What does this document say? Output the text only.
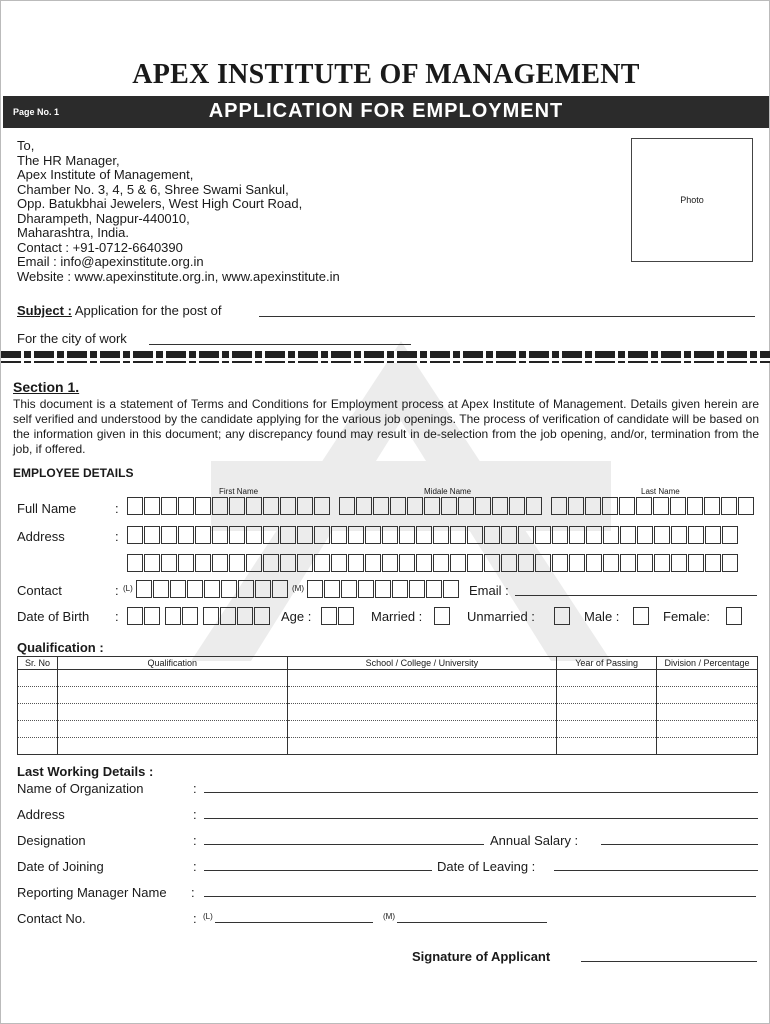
APEX INSTITUTE OF MANAGEMENT
Page No. 1	APPLICATION FOR EMPLOYMENT
To,
The HR Manager,
Apex Institute of Management,
Chamber No. 3, 4, 5 & 6, Shree Swami Sankul,
Opp. Batukbhai Jewelers, West High Court Road,
Dharampeth, Nagpur-440010,
Maharashtra, India.
Contact : +91-0712-6640390
Email : info@apexinstitute.org.in
Website : www.apexinstitute.org.in, www.apexinstitute.in
Photo
Subject : Application for the post of
For the city of work
Section 1.
This document is a statement of Terms and Conditions for Employment process at Apex Institute of Management. Details given herein are self verified and understood by the candidate applying for the various job openings. The process of verification of candidate will be based on the information given in this document; any discrepancy found may result in de-selection from the job opening, and/or, termination from the job, if offered.
EMPLOYEE DETAILS
First Name	Midale Name	Last Name
Full Name	:
Address	:
Contact	: (L)	(M)	Email :
Date of Birth :	Age :	Married :	Unmarried :	Male :	Female:
Qualification :
Sr. No	Qualification	School / College / University	Year of Passing	Division / Percentage

Last Working Details :
Name of Organization	:
Address	:
Designation	:	Annual Salary :
Date of Joining	:	Date of Leaving :
Reporting Manager Name :
Contact No.	: (L)	(M)
Signature of Applicant
